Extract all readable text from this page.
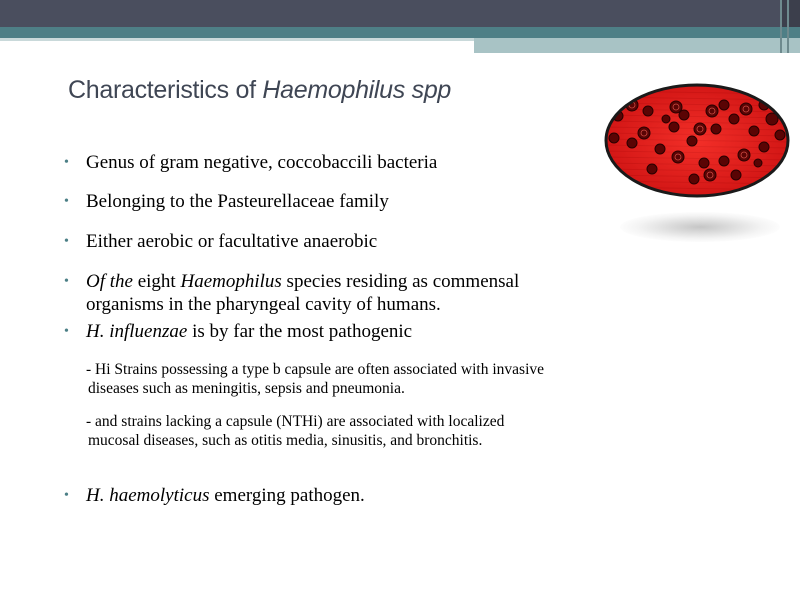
Characteristics of Haemophilus spp
• Genus of gram negative, coccobaccili bacteria
• Belonging to the Pasteurellaceae family
• Either aerobic or facultative anaerobic
• Of the eight Haemophilus species residing as commensal
organisms in the pharyngeal cavity of humans.
• H. influenzae is by far the most pathogenic
- Hi Strains possessing a type b capsule are often associated with invasive
diseases such as meningitis, sepsis and pneumonia.
- and strains lacking a capsule (NTHi) are associated with localized
mucosal diseases, such as otitis media, sinusitis, and bronchitis.
• H. haemolyticus emerging pathogen.
